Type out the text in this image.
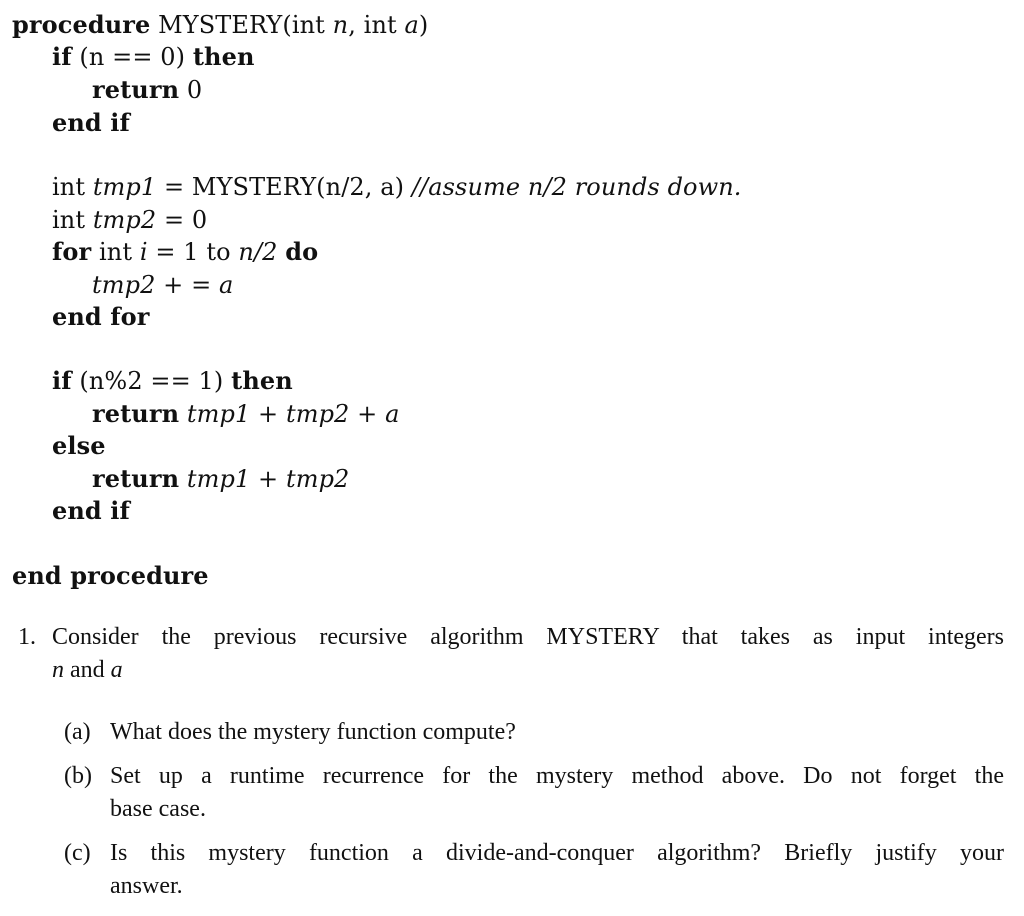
procedure MYSTERY(int n, int a)
if (n == 0) then
return 0
end if
int tmp1 = MYSTERY(n/2, a) //assume n/2 rounds down.
int tmp2 = 0
for int i = 1 to n/2 do
tmp2 + = a
end for
if (n%2 == 1) then
return tmp1 + tmp2 + a
else
return tmp1 + tmp2
end if
end procedure
1. Consider the previous recursive algorithm MYSTERY that takes as input integers
n and a
(a) What does the mystery function compute?
(b) Set up a runtime recurrence for the mystery method above. Do not forget the
base case.
(c) Is this mystery function a divide-and-conquer algorithm? Briefly justify your
answer.
